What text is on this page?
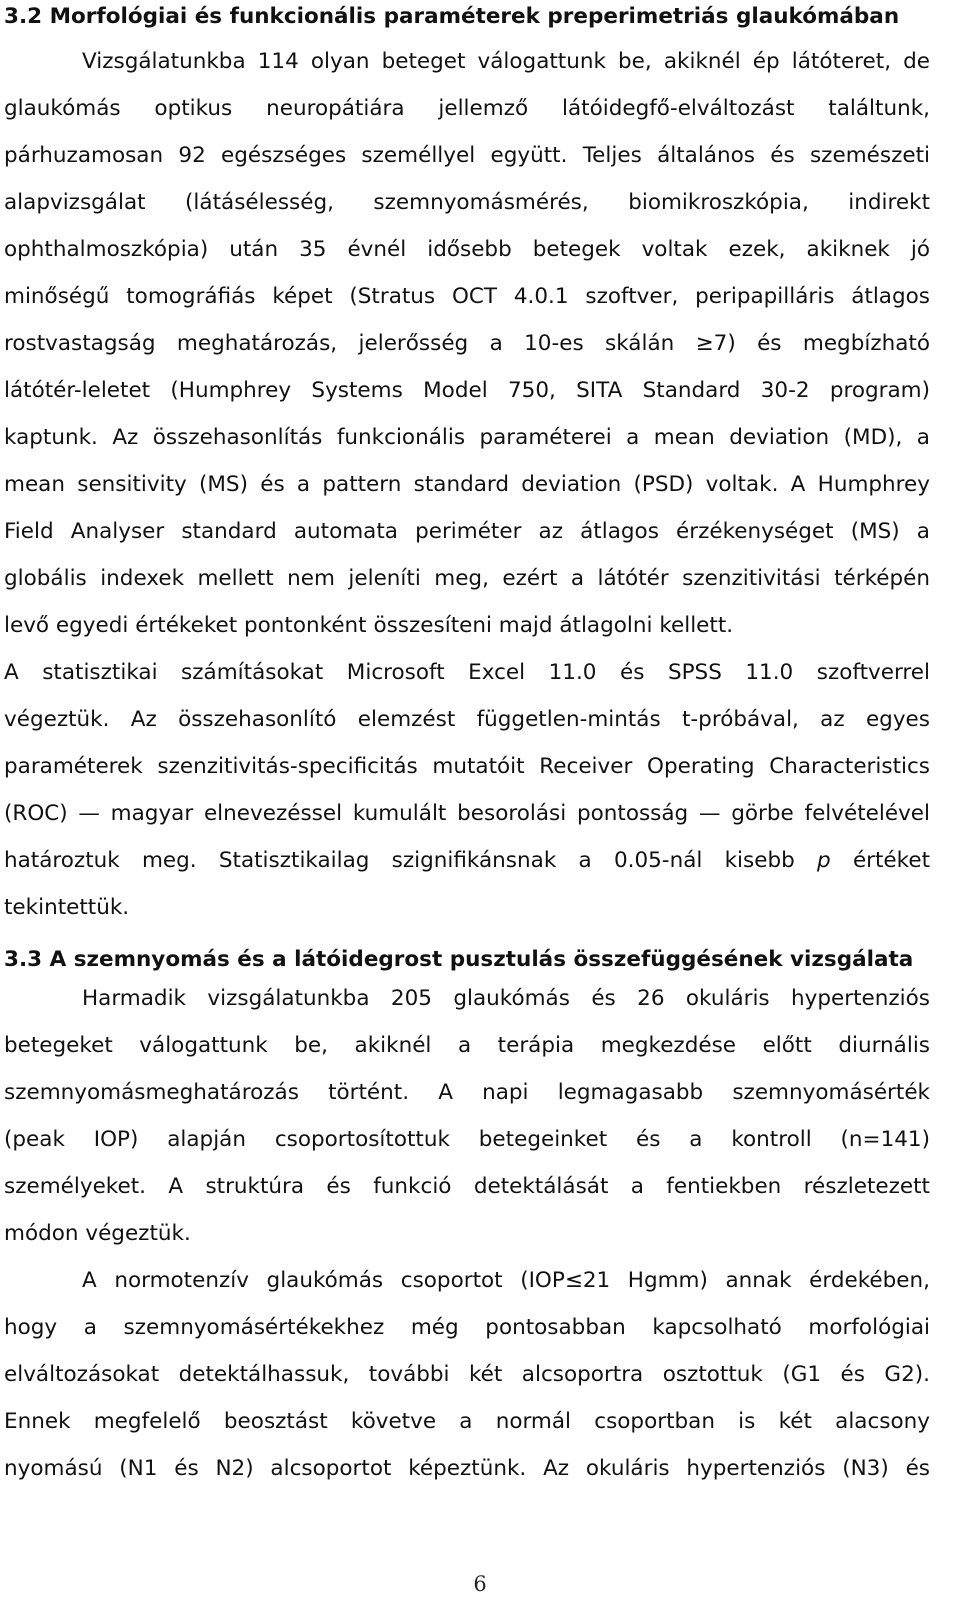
3.2 Morfológiai és funkcionális paraméterek preperimetriás glaukómában
Vizsgálatunkba 114 olyan beteget válogattunk be, akiknél ép látóteret, de
glaukómás optikus neuropátiára jellemző látóidegfő-elváltozást találtunk,
párhuzamosan 92 egészséges személlyel együtt. Teljes általános és szemészeti
alapvizsgálat (látásélesség, szemnyomásmérés, biomikroszkópia, indirekt
ophthalmoszkópia) után 35 évnél idősebb betegek voltak ezek, akiknek jó
minőségű tomográfiás képet (Stratus OCT 4.0.1 szoftver, peripapilláris átlagos
rostvastagság meghatározás, jelerősség a 10-es skálán ≥7) és megbízható
látótér-leletet (Humphrey Systems Model 750, SITA Standard 30-2 program)
kaptunk. Az összehasonlítás funkcionális paraméterei a mean deviation (MD), a
mean sensitivity (MS) és a pattern standard deviation (PSD) voltak. A Humphrey
Field Analyser standard automata periméter az átlagos érzékenységet (MS) a
globális indexek mellett nem jeleníti meg, ezért a látótér szenzitivitási térképén
levő egyedi értékeket pontonként összesíteni majd átlagolni kellett.
A statisztikai számításokat Microsoft Excel 11.0 és SPSS 11.0 szoftverrel
végeztük. Az összehasonlító elemzést független-mintás t-próbával, az egyes
paraméterek szenzitivitás-specificitás mutatóit Receiver Operating Characteristics
(ROC) — magyar elnevezéssel kumulált besorolási pontosság — görbe felvételével
határoztuk meg. Statisztikailag szignifikánsnak a 0.05-nál kisebb p értéket
tekintettük.
3.3 A szemnyomás és a látóidegrost pusztulás összefüggésének vizsgálata
Harmadik vizsgálatunkba 205 glaukómás és 26 okuláris hypertenziós
betegeket válogattunk be, akiknél a terápia megkezdése előtt diurnális
szemnyomásmeghatározás történt. A napi legmagasabb szemnyomásérték
(peak IOP) alapján csoportosítottuk betegeinket és a kontroll (n=141)
személyeket. A struktúra és funkció detektálását a fentiekben részletezett
módon végeztük.
A normotenzív glaukómás csoportot (IOP≤21 Hgmm) annak érdekében,
hogy a szemnyomásértékekhez még pontosabban kapcsolható morfológiai
elváltozásokat detektálhassuk, további két alcsoportra osztottuk (G1 és G2).
Ennek megfelelő beosztást követve a normál csoportban is két alacsony
nyomású (N1 és N2) alcsoportot képeztünk. Az okuláris hypertenziós (N3) és
6
